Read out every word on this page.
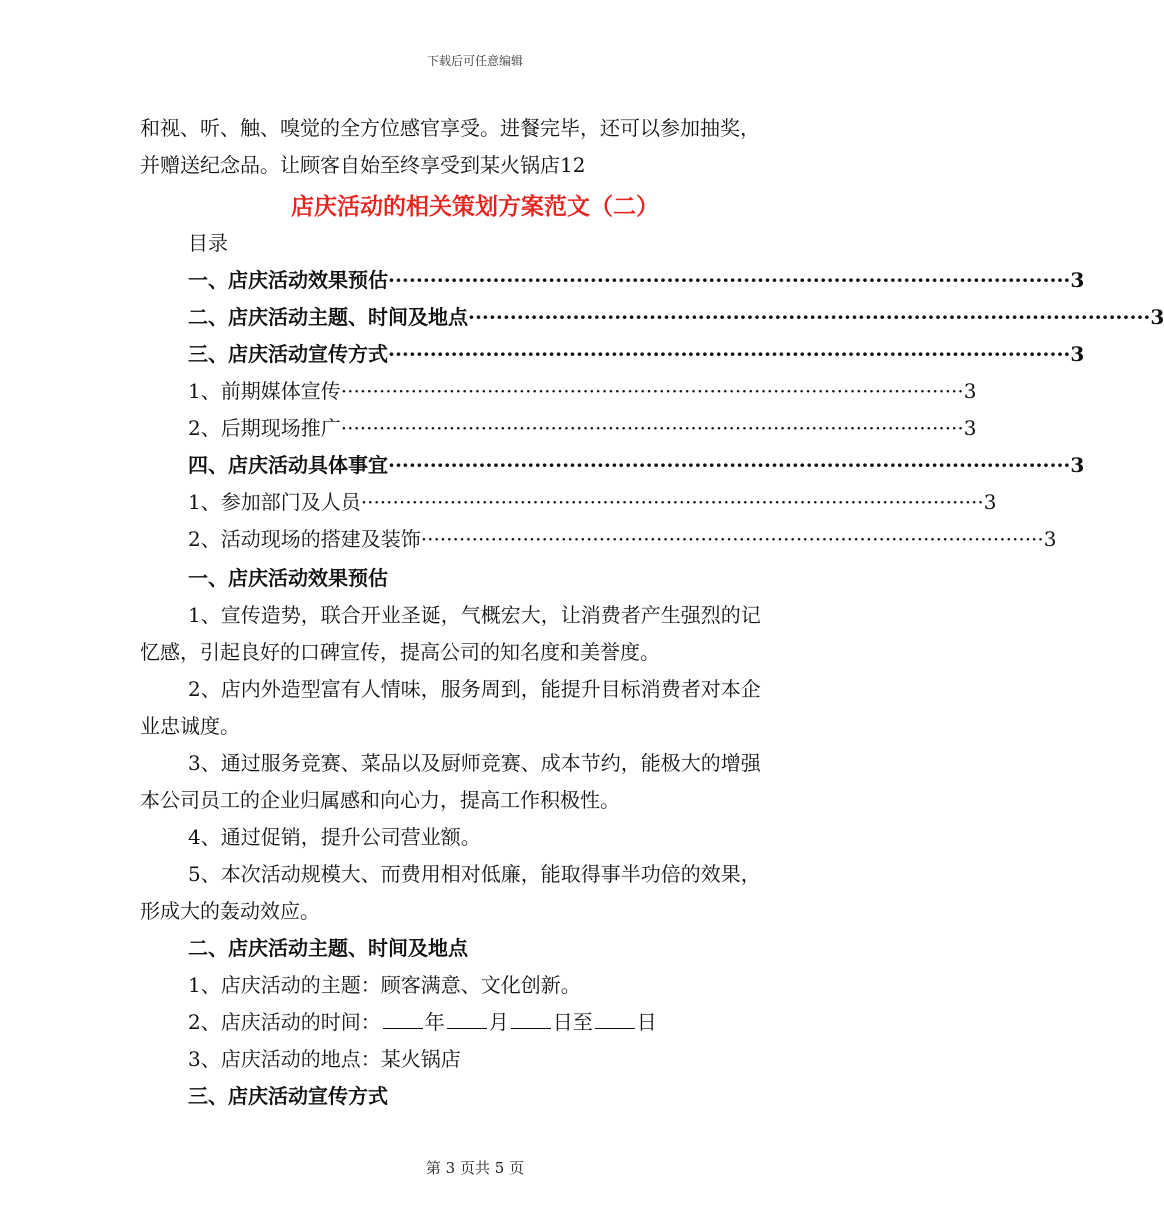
下载后可任意编辑
和视、听、触、嗅觉的全方位感官享受。进餐完毕，还可以参加抽奖，
并赠送纪念品。让顾客自始至终享受到某火锅店12
店庆活动的相关策划方案范文（二）
目录
一、店庆活动效果预估 ·································································································· 3
二、店庆活动主题、时间及地点 ·································································································· 3
三、店庆活动宣传方式 ·································································································· 3
1、前期媒体宣传 ·································································································· 3
2、后期现场推广 ·································································································· 3
四、店庆活动具体事宜 ·································································································· 3
1、参加部门及人员 ·································································································· 3
2、活动现场的搭建及装饰 ·································································································· 3
一、店庆活动效果预估
1、宣传造势，联合开业圣诞，气概宏大，让消费者产生强烈的记
忆感，引起良好的口碑宣传，提高公司的知名度和美誉度。
2、店内外造型富有人情味，服务周到，能提升目标消费者对本企
业忠诚度。
3、通过服务竞赛、菜品以及厨师竞赛、成本节约，能极大的增强
本公司员工的企业归属感和向心力，提高工作积极性。
4、通过促销，提升公司营业额。
5、本次活动规模大、而费用相对低廉，能取得事半功倍的效果，
形成大的轰动效应。
二、店庆活动主题、时间及地点
1、店庆活动的主题：顾客满意、文化创新。
2、店庆活动的时间： 年 月 日至 日
3、店庆活动的地点：某火锅店
三、店庆活动宣传方式
第 3 页共 5 页
